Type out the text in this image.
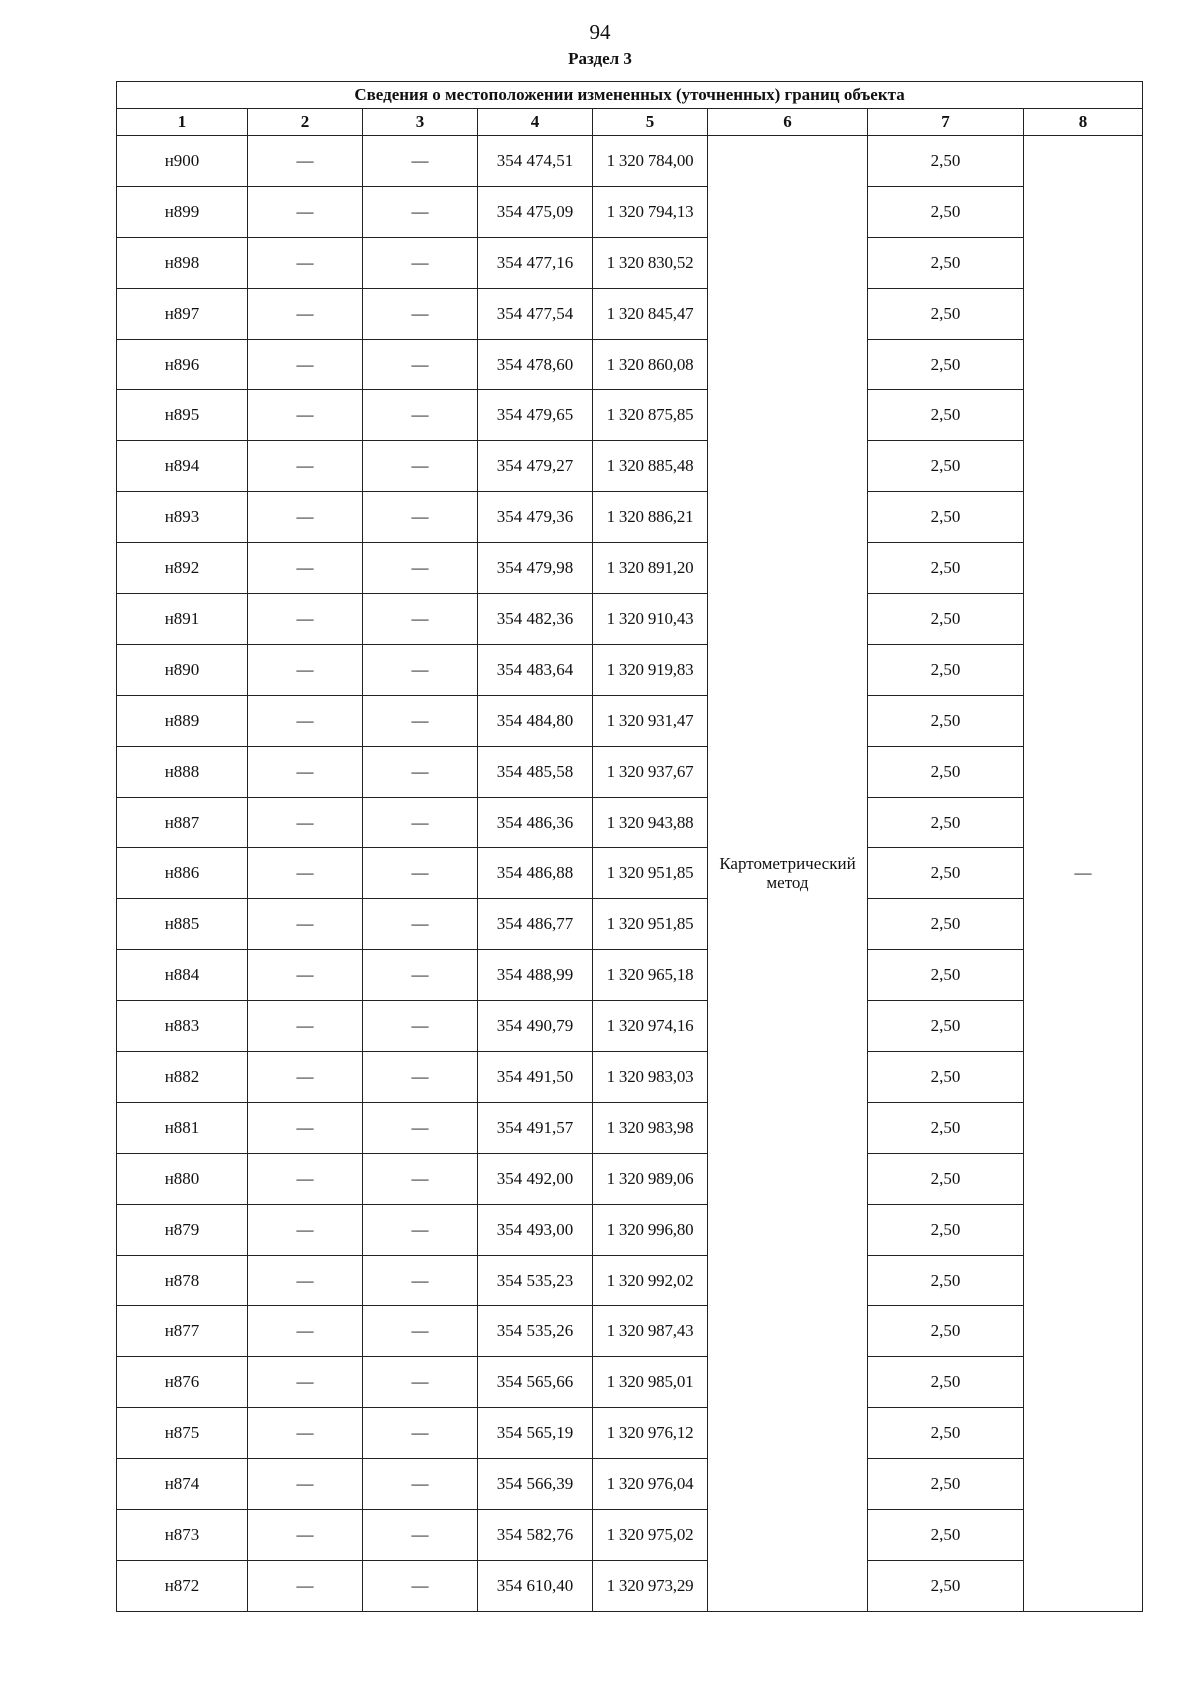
94
Раздел 3
Сведения о местоположении измененных (уточненных) границ объекта							
1	2	3	4	5	6	7	8
н900	—	—	354 474,51	1 320 784,00	Картометрический метод	2,50	—
н899	—	—	354 475,09	1 320 794,13		2,50	
н898	—	—	354 477,16	1 320 830,52		2,50	
н897	—	—	354 477,54	1 320 845,47		2,50	
н896	—	—	354 478,60	1 320 860,08		2,50	
н895	—	—	354 479,65	1 320 875,85		2,50	
н894	—	—	354 479,27	1 320 885,48		2,50	
н893	—	—	354 479,36	1 320 886,21		2,50	
н892	—	—	354 479,98	1 320 891,20		2,50	
н891	—	—	354 482,36	1 320 910,43		2,50	
н890	—	—	354 483,64	1 320 919,83		2,50	
н889	—	—	354 484,80	1 320 931,47		2,50	
н888	—	—	354 485,58	1 320 937,67		2,50	
н887	—	—	354 486,36	1 320 943,88		2,50	
н886	—	—	354 486,88	1 320 951,85		2,50	
н885	—	—	354 486,77	1 320 951,85		2,50	
н884	—	—	354 488,99	1 320 965,18		2,50	
н883	—	—	354 490,79	1 320 974,16		2,50	
н882	—	—	354 491,50	1 320 983,03		2,50	
н881	—	—	354 491,57	1 320 983,98		2,50	
н880	—	—	354 492,00	1 320 989,06		2,50	
н879	—	—	354 493,00	1 320 996,80		2,50	
н878	—	—	354 535,23	1 320 992,02		2,50	
н877	—	—	354 535,26	1 320 987,43		2,50	
н876	—	—	354 565,66	1 320 985,01		2,50	
н875	—	—	354 565,19	1 320 976,12		2,50	
н874	—	—	354 566,39	1 320 976,04		2,50	
н873	—	—	354 582,76	1 320 975,02		2,50	
н872	—	—	354 610,40	1 320 973,29		2,50	
